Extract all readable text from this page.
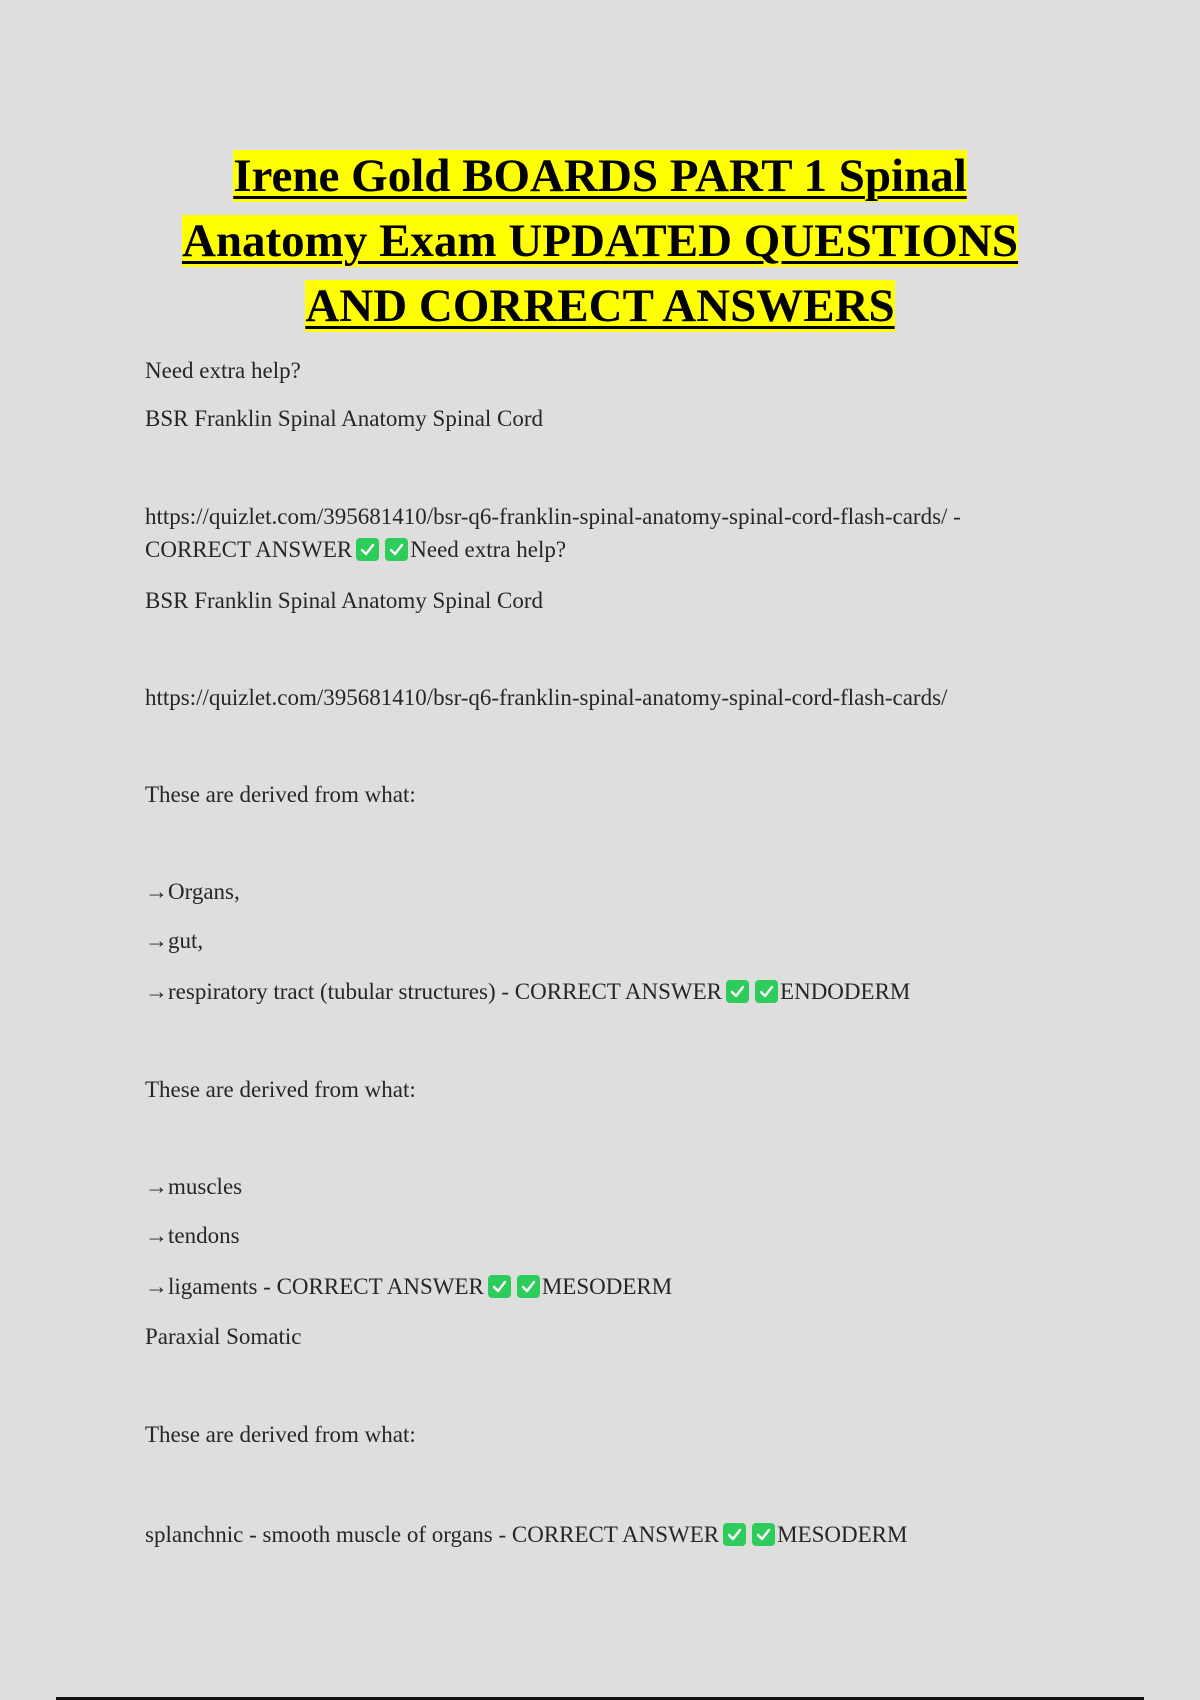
Irene Gold BOARDS PART 1 Spinal Anatomy Exam UPDATED QUESTIONS AND CORRECT ANSWERS
Need extra help?
BSR Franklin Spinal Anatomy Spinal Cord
https://quizlet.com/395681410/bsr-q6-franklin-spinal-anatomy-spinal-cord-flash-cards/ -
CORRECT ANSWER	Need extra help?
BSR Franklin Spinal Anatomy Spinal Cord
https://quizlet.com/395681410/bsr-q6-franklin-spinal-anatomy-spinal-cord-flash-cards/
These are derived from what:
→Organs,
→gut,
→respiratory tract (tubular structures) - CORRECT ANSWER	ENDODERM
These are derived from what:
→muscles
→tendons
→ligaments - CORRECT ANSWER	MESODERM
Paraxial Somatic
These are derived from what:
splanchnic - smooth muscle of organs - CORRECT ANSWER	MESODERM
